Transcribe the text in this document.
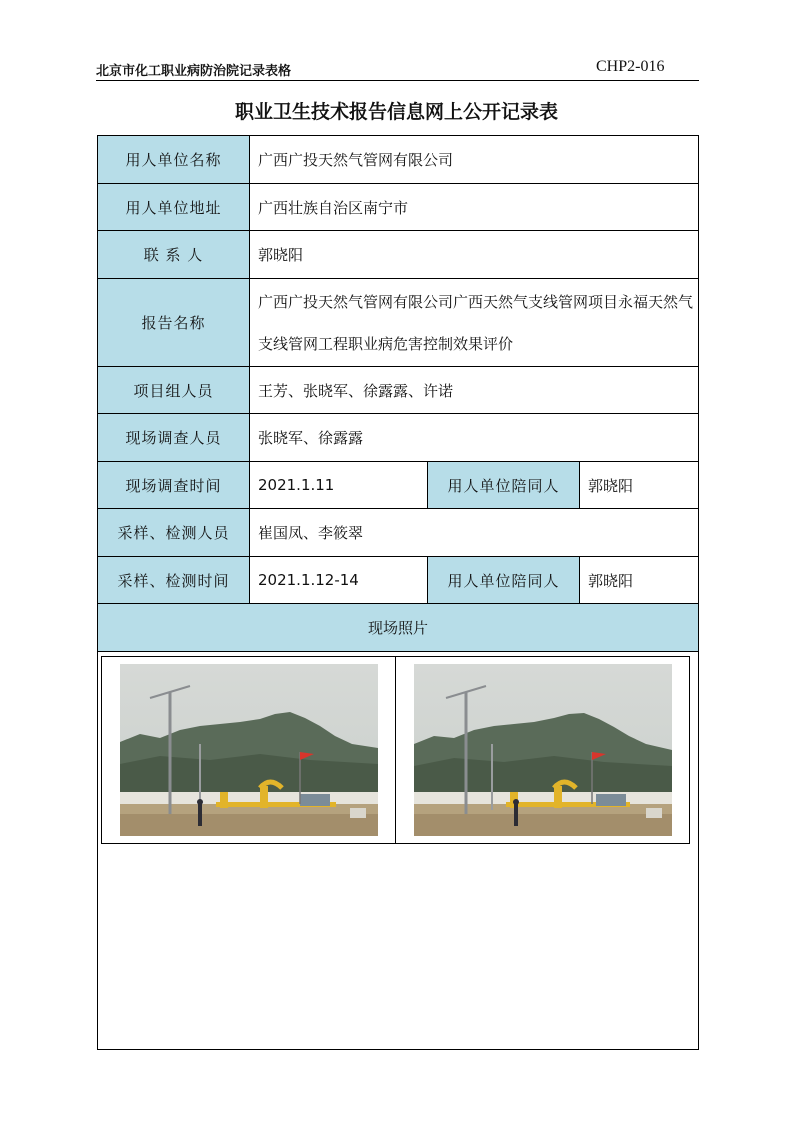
北京市化工职业病防治院记录表格	CHP2-016
职业卫生技术报告信息网上公开记录表
用人单位名称	广西广投天然气管网有限公司
用人单位地址	广西壮族自治区南宁市
联 系 人	郭晓阳
报告名称	广西广投天然气管网有限公司广西天然气支线管网项目永福天然气支线管网工程职业病危害控制效果评价
项目组人员	王芳、张晓军、徐露露、许诺
现场调查人员	张晓军、徐露露
现场调查时间	2021.1.11	用人单位陪同人	郭晓阳
采样、检测人员	崔国凤、李筱翠
采样、检测时间	2021.1.12-14	用人单位陪同人	郭晓阳
现场照片
